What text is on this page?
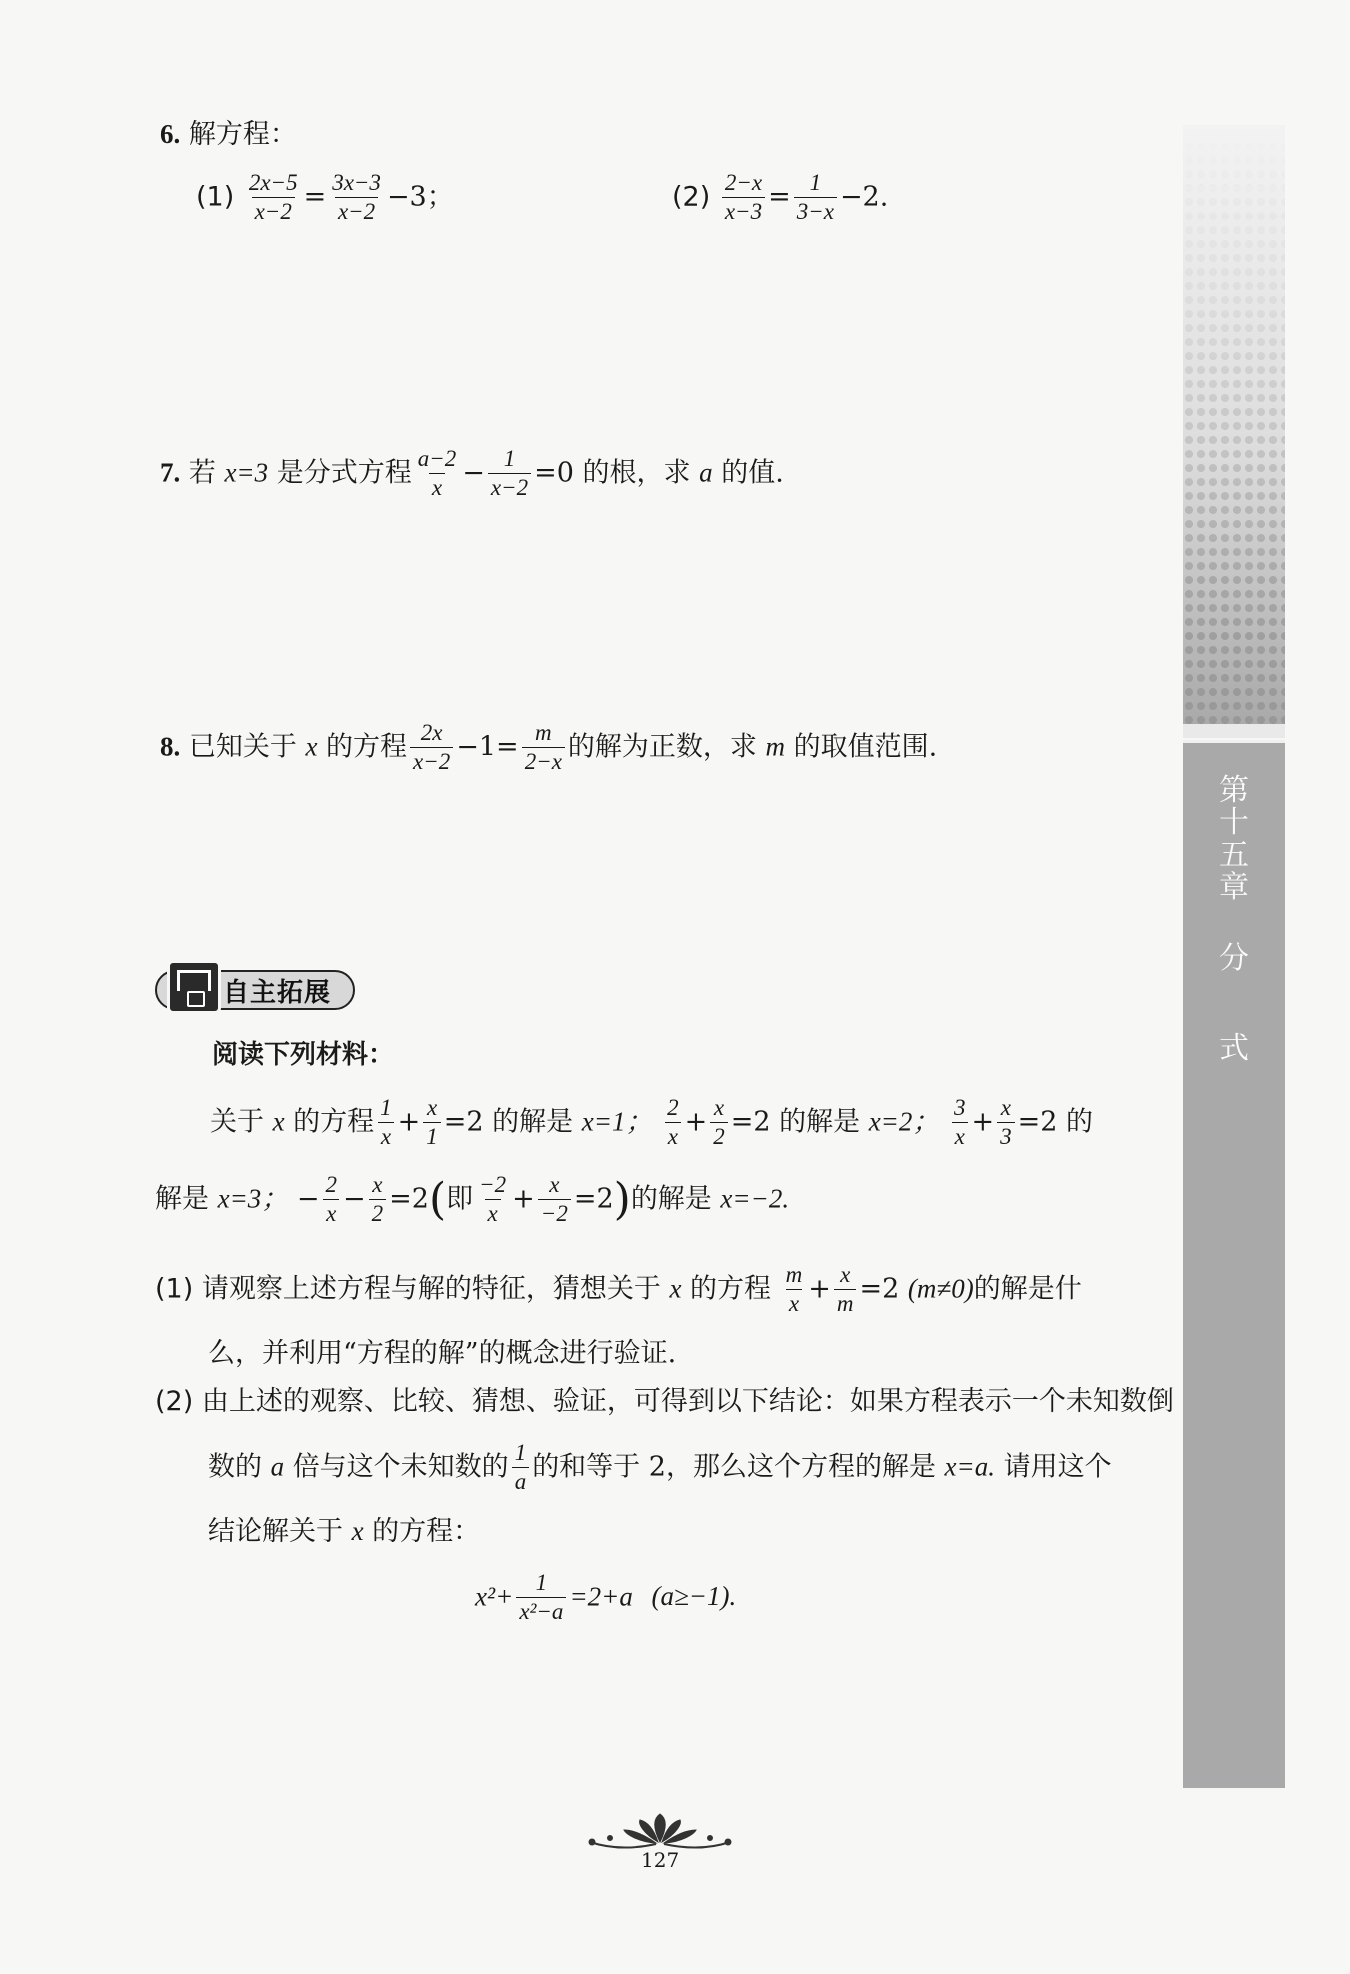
第
十
五
章
分
式
6. 解方程：
$(1) \frac{2x-5}{x-2} = \frac{3x-3}{x-2} -3$；	$(2) \frac{2-x}{x-3} = \frac{1}{3-x} -2$.
7. 若 x=3 是分式方程 $\frac{a-2}{x} - \frac{1}{x-2} =0$ 的根，求 a 的值.
8. 已知关于 x 的方程 $\frac{2x}{x-2} -1= \frac{m}{2-x}$ 的解为正数，求 m 的取值范围.
自主拓展
阅读下列材料：
关于 x 的方程 $\frac{1}{x} + \frac{x}{1} =2$ 的解是 x=1； $\frac{2}{x} + \frac{x}{2} =2$ 的解是 x=2； $\frac{3}{x} + \frac{x}{3} =2$ 的
解是 x=3； − $\frac{2}{x} - \frac{x}{2} =2$(即 $\frac{-2}{x} + \frac{x}{-2} =2$)的解是 x=−2.
(1) 请观察上述方程与解的特征，猜想关于 x 的方程 $\frac{m}{x} + \frac{x}{m} =2$ (m≠0)的解是什
么，并利用“方程的解”的概念进行验证.
(2) 由上述的观察、比较、猜想、验证，可得到以下结论：如果方程表示一个未知数倒
数的 a 倍与这个未知数的 $\frac{1}{a}$ 的和等于 2，那么这个方程的解是 x=a. 请用这个
结论解关于 x 的方程：
$x^2+ \frac{1}{\text{x²−a}} =2+a$ (a≥−1).
127
